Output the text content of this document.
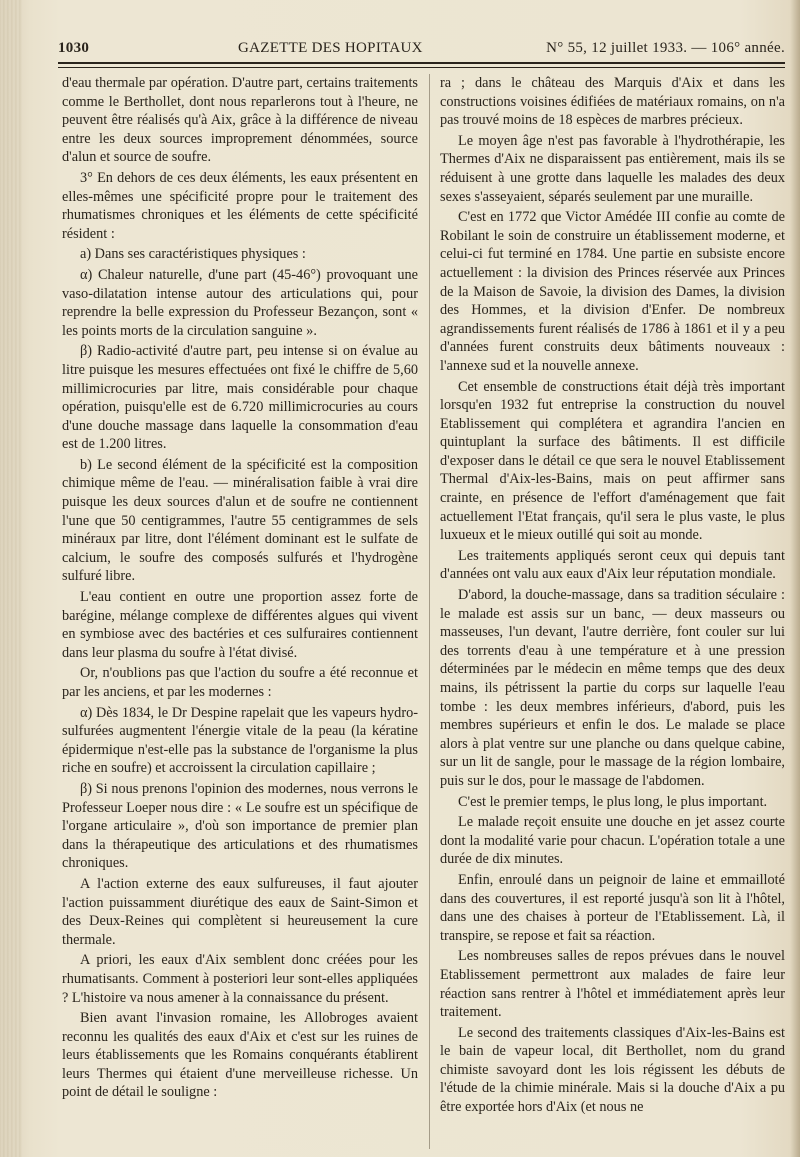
1030	GAZETTE DES HOPITAUX	N° 55, 12 juillet 1933. — 106° année.

d'eau thermale par opération. D'autre part, certains traitements comme le Berthollet, dont nous reparlerons tout à l'heure, ne peuvent être réalisés qu'à Aix, grâce à la différence de niveau entre les deux sources improprement dénommées, source d'alun et source de soufre.

3° En dehors de ces deux éléments, les eaux présentent en elles-mêmes une spécificité propre pour le traitement des rhumatismes chroniques et les éléments de cette spécificité résident :

a) Dans ses caractéristiques physiques :

α) Chaleur naturelle, d'une part (45-46°) provoquant une vaso-dilatation intense autour des articulations qui, pour reprendre la belle expression du Professeur Bezançon, sont « les points morts de la circulation sanguine ».

β) Radio-activité d'autre part, peu intense si on évalue au litre puisque les mesures effectuées ont fixé le chiffre de 5,60 millimicrocuries par litre, mais considérable pour chaque opération, puisqu'elle est de 6.720 millimicrocuries au cours d'une douche massage dans laquelle la consommation d'eau est de 1.200 litres.

b) Le second élément de la spécificité est la composition chimique même de l'eau. — minéralisation faible à vrai dire puisque les deux sources d'alun et de soufre ne contiennent l'une que 50 centigrammes, l'autre 55 centigrammes de sels minéraux par litre, dont l'élément dominant est le sulfate de calcium, le soufre des composés sulfurés et l'hydrogène sulfuré libre.

L'eau contient en outre une proportion assez forte de barégine, mélange complexe de différentes algues qui vivent en symbiose avec des bactéries et ces sulfuraires contiennent dans leur plasma du soufre à l'état divisé.

Or, n'oublions pas que l'action du soufre a été reconnue et par les anciens, et par les modernes :

α) Dès 1834, le Dr Despine rapelait que les vapeurs hydro-sulfurées augmentent l'énergie vitale de la peau (la kératine épidermique n'est-elle pas la substance de l'organisme la plus riche en soufre) et accroissent la circulation capillaire ;

β) Si nous prenons l'opinion des modernes, nous verrons le Professeur Loeper nous dire : « Le soufre est un spécifique de l'organe articulaire », d'où son importance de premier plan dans la thérapeutique des articulations et des rhumatismes chroniques.

A l'action externe des eaux sulfureuses, il faut ajouter l'action puissamment diurétique des eaux de Saint-Simon et des Deux-Reines qui complètent si heureusement la cure thermale.

A priori, les eaux d'Aix semblent donc créées pour les rhumatisants. Comment à posteriori leur sont-elles appliquées ? L'histoire va nous amener à la connaissance du présent.

Bien avant l'invasion romaine, les Allobroges avaient reconnu les qualités des eaux d'Aix et c'est sur les ruines de leurs établissements que les Romains conquérants établirent leurs Thermes qui étaient d'une merveilleuse richesse. Un point de détail le souligne :

ra ; dans le château des Marquis d'Aix et dans les constructions voisines édifiées de matériaux romains, on n'a pas trouvé moins de 18 espèces de marbres précieux.

Le moyen âge n'est pas favorable à l'hydrothérapie, les Thermes d'Aix ne disparaissent pas entièrement, mais ils se réduisent à une grotte dans laquelle les malades des deux sexes s'asseyaient, séparés seulement par une muraille.

C'est en 1772 que Victor Amédée III confie au comte de Robilant le soin de construire un établissement moderne, et celui-ci fut terminé en 1784. Une partie en subsiste encore actuellement : la division des Princes réservée aux Princes de la Maison de Savoie, la division des Dames, la division des Hommes, et la division d'Enfer. De nombreux agrandissements furent réalisés de 1786 à 1861 et il y a peu d'années furent construits deux bâtiments nouveaux : l'annexe sud et la nouvelle annexe.

Cet ensemble de constructions était déjà très important lorsqu'en 1932 fut entreprise la construction du nouvel Etablissement qui complétera et agrandira l'ancien en quintuplant la surface des bâtiments. Il est difficile d'exposer dans le détail ce que sera le nouvel Etablissement Thermal d'Aix-les-Bains, mais on peut affirmer sans crainte, en présence de l'effort d'aménagement que fait actuellement l'Etat français, qu'il sera le plus vaste, le plus luxueux et le mieux outillé qui soit au monde.

Les traitements appliqués seront ceux qui depuis tant d'années ont valu aux eaux d'Aix leur réputation mondiale.

D'abord, la douche-massage, dans sa tradition séculaire : le malade est assis sur un banc, — deux masseurs ou masseuses, l'un devant, l'autre derrière, font couler sur lui des torrents d'eau à une température et à une pression déterminées par le médecin en même temps que des deux mains, ils pétrissent la partie du corps sur laquelle l'eau tombe : les deux membres inférieurs, d'abord, puis les membres supérieurs et enfin le dos. Le malade se place alors à plat ventre sur une planche ou dans quelque cabine, sur un lit de sangle, pour le massage de la région lombaire, puis sur le dos, pour le massage de l'abdomen.

C'est le premier temps, le plus long, le plus important.

Le malade reçoit ensuite une douche en jet assez courte dont la modalité varie pour chacun. L'opération totale a une durée de dix minutes.

Enfin, enroulé dans un peignoir de laine et emmailloté dans des couvertures, il est reporté jusqu'à son lit à l'hôtel, dans une des chaises à porteur de l'Etablissement. Là, il transpire, se repose et fait sa réaction.

Les nombreuses salles de repos prévues dans le nouvel Etablissement permettront aux malades de faire leur réaction sans rentrer à l'hôtel et immédiatement après leur traitement.

Le second des traitements classiques d'Aix-les-Bains est le bain de vapeur local, dit Berthollet, nom du grand chimiste savoyard dont les lois régissent les débuts de l'étude de la chimie minérale. Mais si la douche d'Aix a pu être exportée hors d'Aix (et nous ne
